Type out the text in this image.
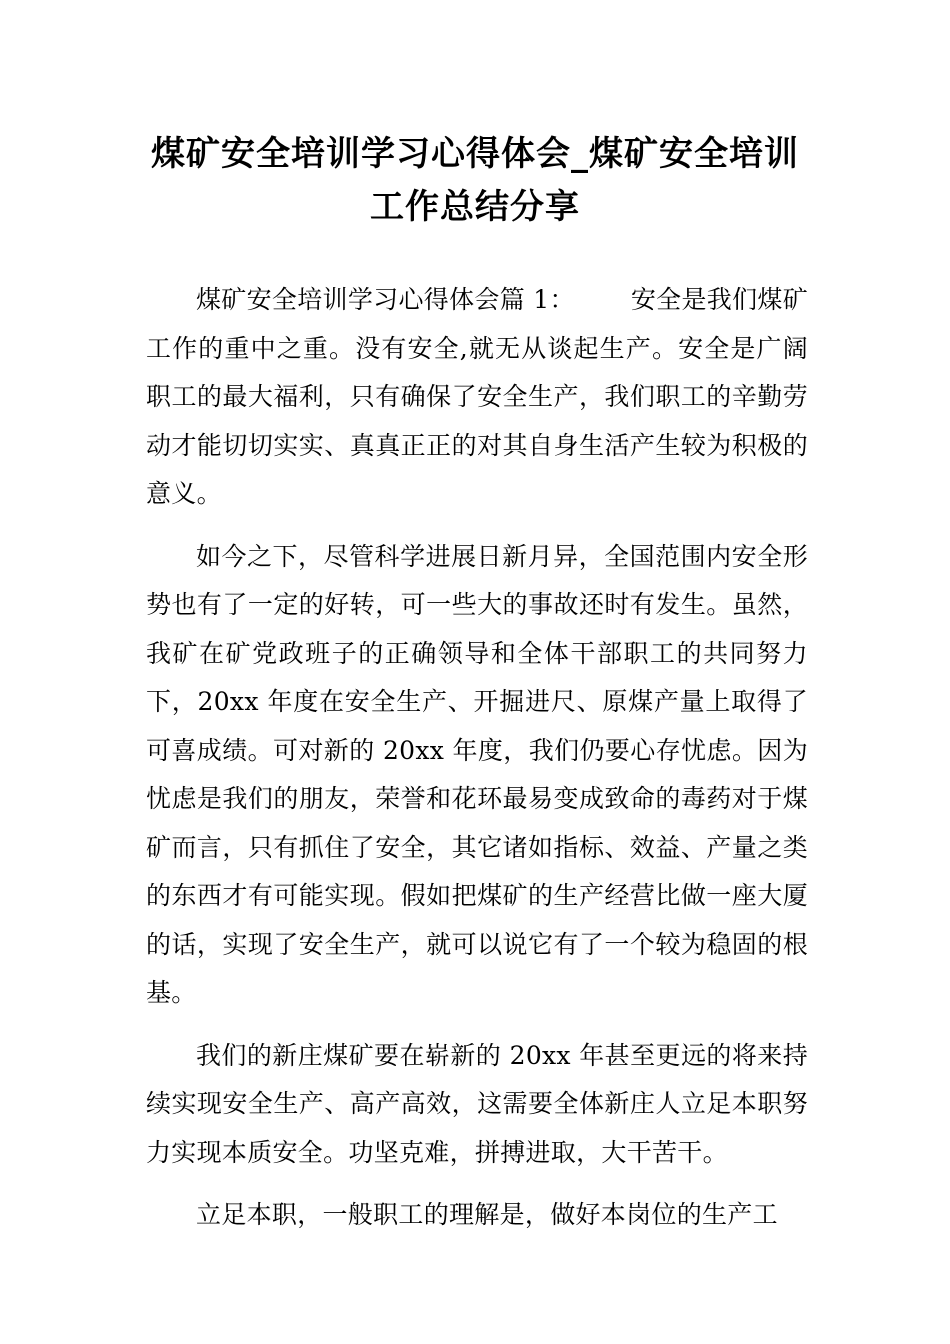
煤矿安全培训学习心得体会_煤矿安全培训
工作总结分享

煤矿安全培训学习心得体会篇 1： 安全是我们煤矿工作的重中之重。没有安全,就无从谈起生产。安全是广阔职工的最大福利，只有确保了安全生产，我们职工的辛勤劳动才能切切实实、真真正正的对其自身生活产生较为积极的意义。

如今之下，尽管科学进展日新月异，全国范围内安全形势也有了一定的好转，可一些大的事故还时有发生。虽然，我矿在矿党政班子的正确领导和全体干部职工的共同努力下，20xx 年度在安全生产、开掘进尺、原煤产量上取得了可喜成绩。可对新的 20xx 年度，我们仍要心存忧虑。因为忧虑是我们的朋友，荣誉和花环最易变成致命的毒药对于煤矿而言，只有抓住了安全，其它诸如指标、效益、产量之类的东西才有可能实现。假如把煤矿的生产经营比做一座大厦的话，实现了安全生产，就可以说它有了一个较为稳固的根基。

我们的新庄煤矿要在崭新的 20xx 年甚至更远的将来持续实现安全生产、高产高效，这需要全体新庄人立足本职努力实现本质安全。功坚克难，拼搏进取，大干苦干。

立足本职，一般职工的理解是，做好本岗位的生产工
